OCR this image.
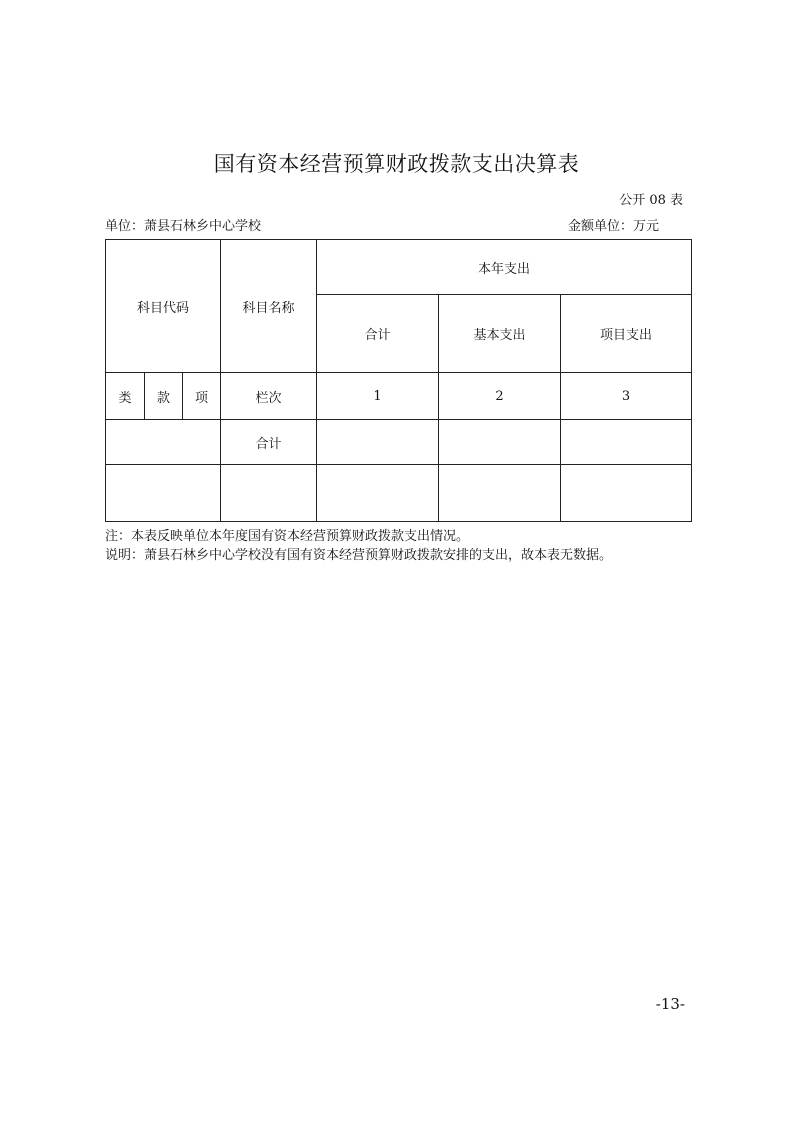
国有资本经营预算财政拨款支出决算表
公开 08 表
单位：萧县石林乡中心学校	金额单位：万元
科目代码			科目名称	本年支出		
				合计	基本支出	项目支出
类	款	项	栏次	1	2	3
			合计			

注：本表反映单位本年度国有资本经营预算财政拨款支出情况。
说明：萧县石林乡中心学校没有国有资本经营预算财政拨款安排的支出，故本表无数据。
-13-
